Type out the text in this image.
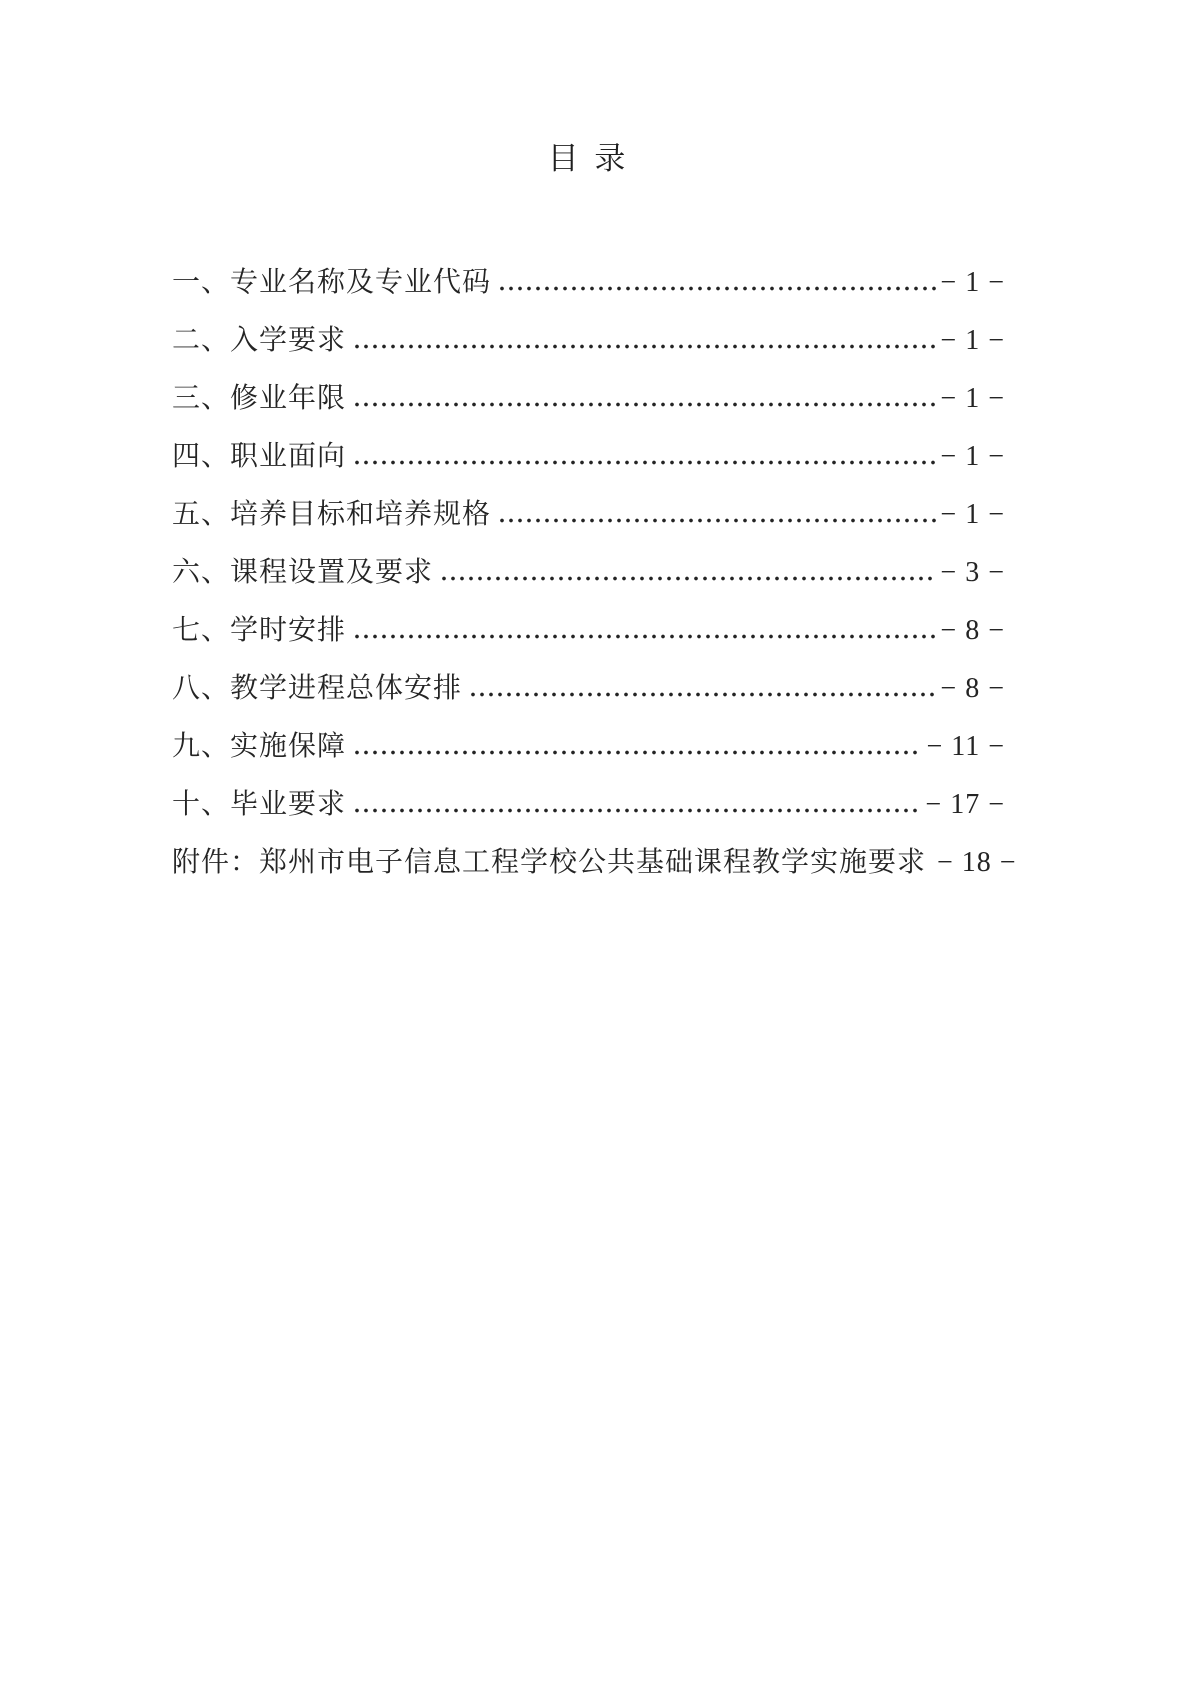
目 录
一、专业名称及专业代码	− 1 −
二、入学要求	− 1 −
三、修业年限	− 1 −
四、职业面向	− 1 −
五、培养目标和培养规格	− 1 −
六、课程设置及要求	− 3 −
七、学时安排	− 8 −
八、教学进程总体安排	− 8 −
九、实施保障	− 11 −
十、毕业要求	− 17 −
附件：郑州市电子信息工程学校公共基础课程教学实施要求 − 18 −
